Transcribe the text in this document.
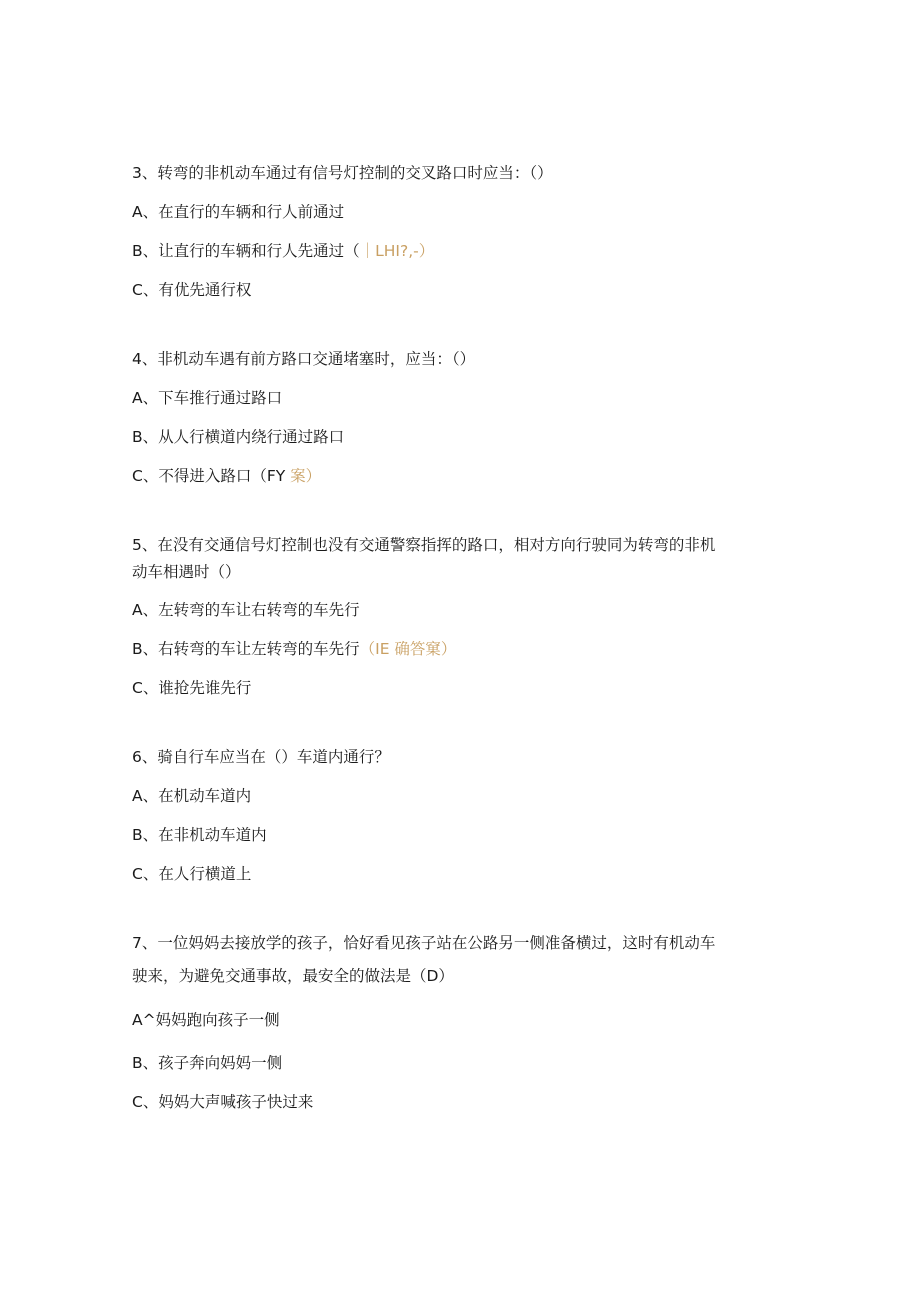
3、转弯的非机动车通过有信号灯控制的交叉路口时应当：（）
A、在直行的车辆和行人前通过
B、让直行的车辆和行人先通过（｜LHI?,-）
C、有优先通行权
4、非机动车遇有前方路口交通堵塞时，应当：（）
A、下车推行通过路口
B、从人行横道内绕行通过路口
C、不得进入路口（FY 案）
5、在没有交通信号灯控制也没有交通警察指挥的路口，相对方向行驶同为转弯的非机
动车相遇时（）
A、左转弯的车让右转弯的车先行
B、右转弯的车让左转弯的车先行（IE 确答窠）
C、谁抢先谁先行
6、骑自行车应当在（）车道内通行？
A、在机动车道内
B、在非机动车道内
C、在人行横道上
7、一位妈妈去接放学的孩子，恰好看见孩子站在公路另一侧准备横过，这时有机动车
驶来，为避免交通事故，最安全的做法是（D）
A^妈妈跑向孩子一侧
B、孩子奔向妈妈一侧
C、妈妈大声喊孩子快过来
